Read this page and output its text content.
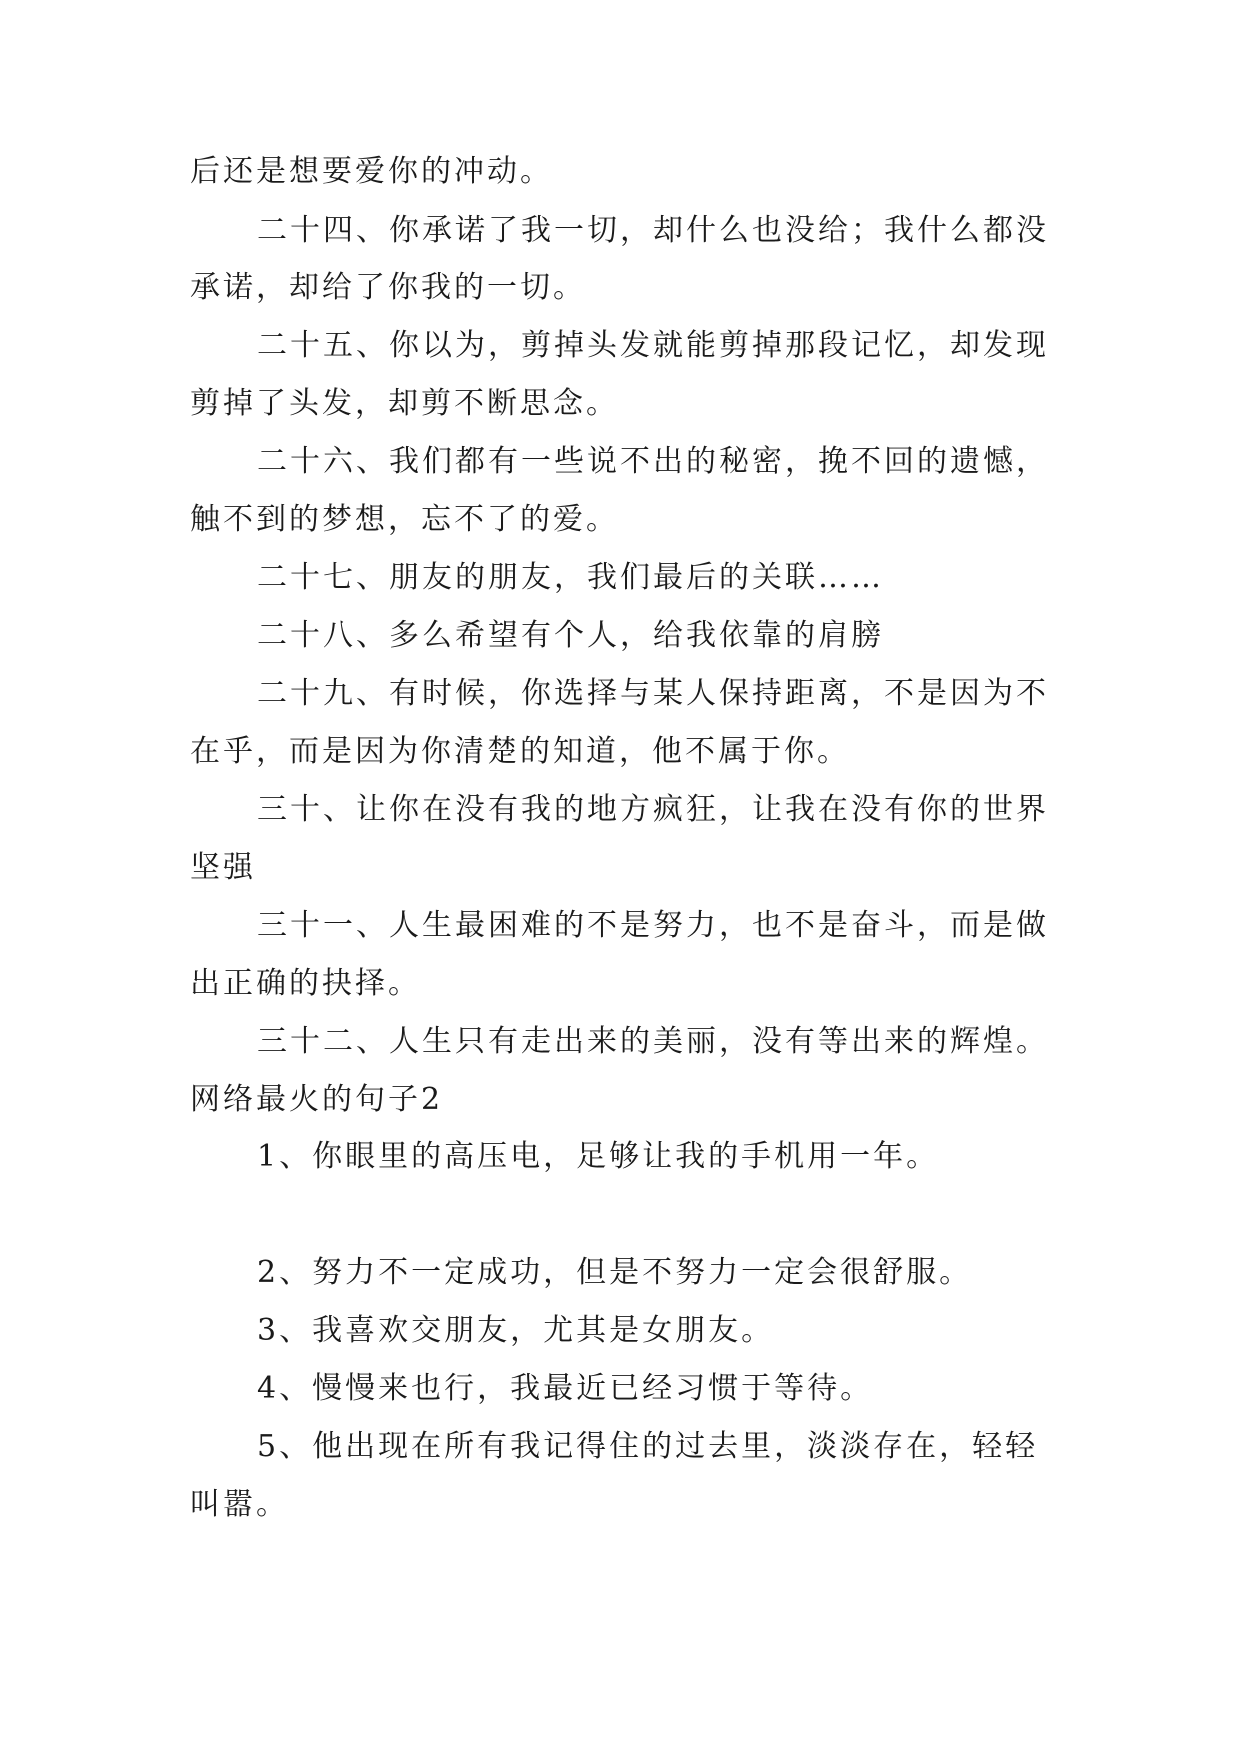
后还是想要爱你的冲动。
二十四、你承诺了我一切，却什么也没给；我什么都没
承诺，却给了你我的一切。
二十五、你以为，剪掉头发就能剪掉那段记忆，却发现
剪掉了头发，却剪不断思念。
二十六、我们都有一些说不出的秘密，挽不回的遗憾，
触不到的梦想，忘不了的爱。
二十七、朋友的朋友，我们最后的关联……
二十八、多么希望有个人，给我依靠的肩膀
二十九、有时候，你选择与某人保持距离，不是因为不
在乎，而是因为你清楚的知道，他不属于你。
三十、让你在没有我的地方疯狂，让我在没有你的世界
坚强
三十一、人生最困难的不是努力，也不是奋斗，而是做
出正确的抉择。
三十二、人生只有走出来的美丽，没有等出来的辉煌。
网络最火的句子2
1、你眼里的高压电，足够让我的手机用一年。
2、努力不一定成功，但是不努力一定会很舒服。
3、我喜欢交朋友，尤其是女朋友。
4、慢慢来也行，我最近已经习惯于等待。
5、他出现在所有我记得住的过去里，淡淡存在，轻轻
叫嚣。
